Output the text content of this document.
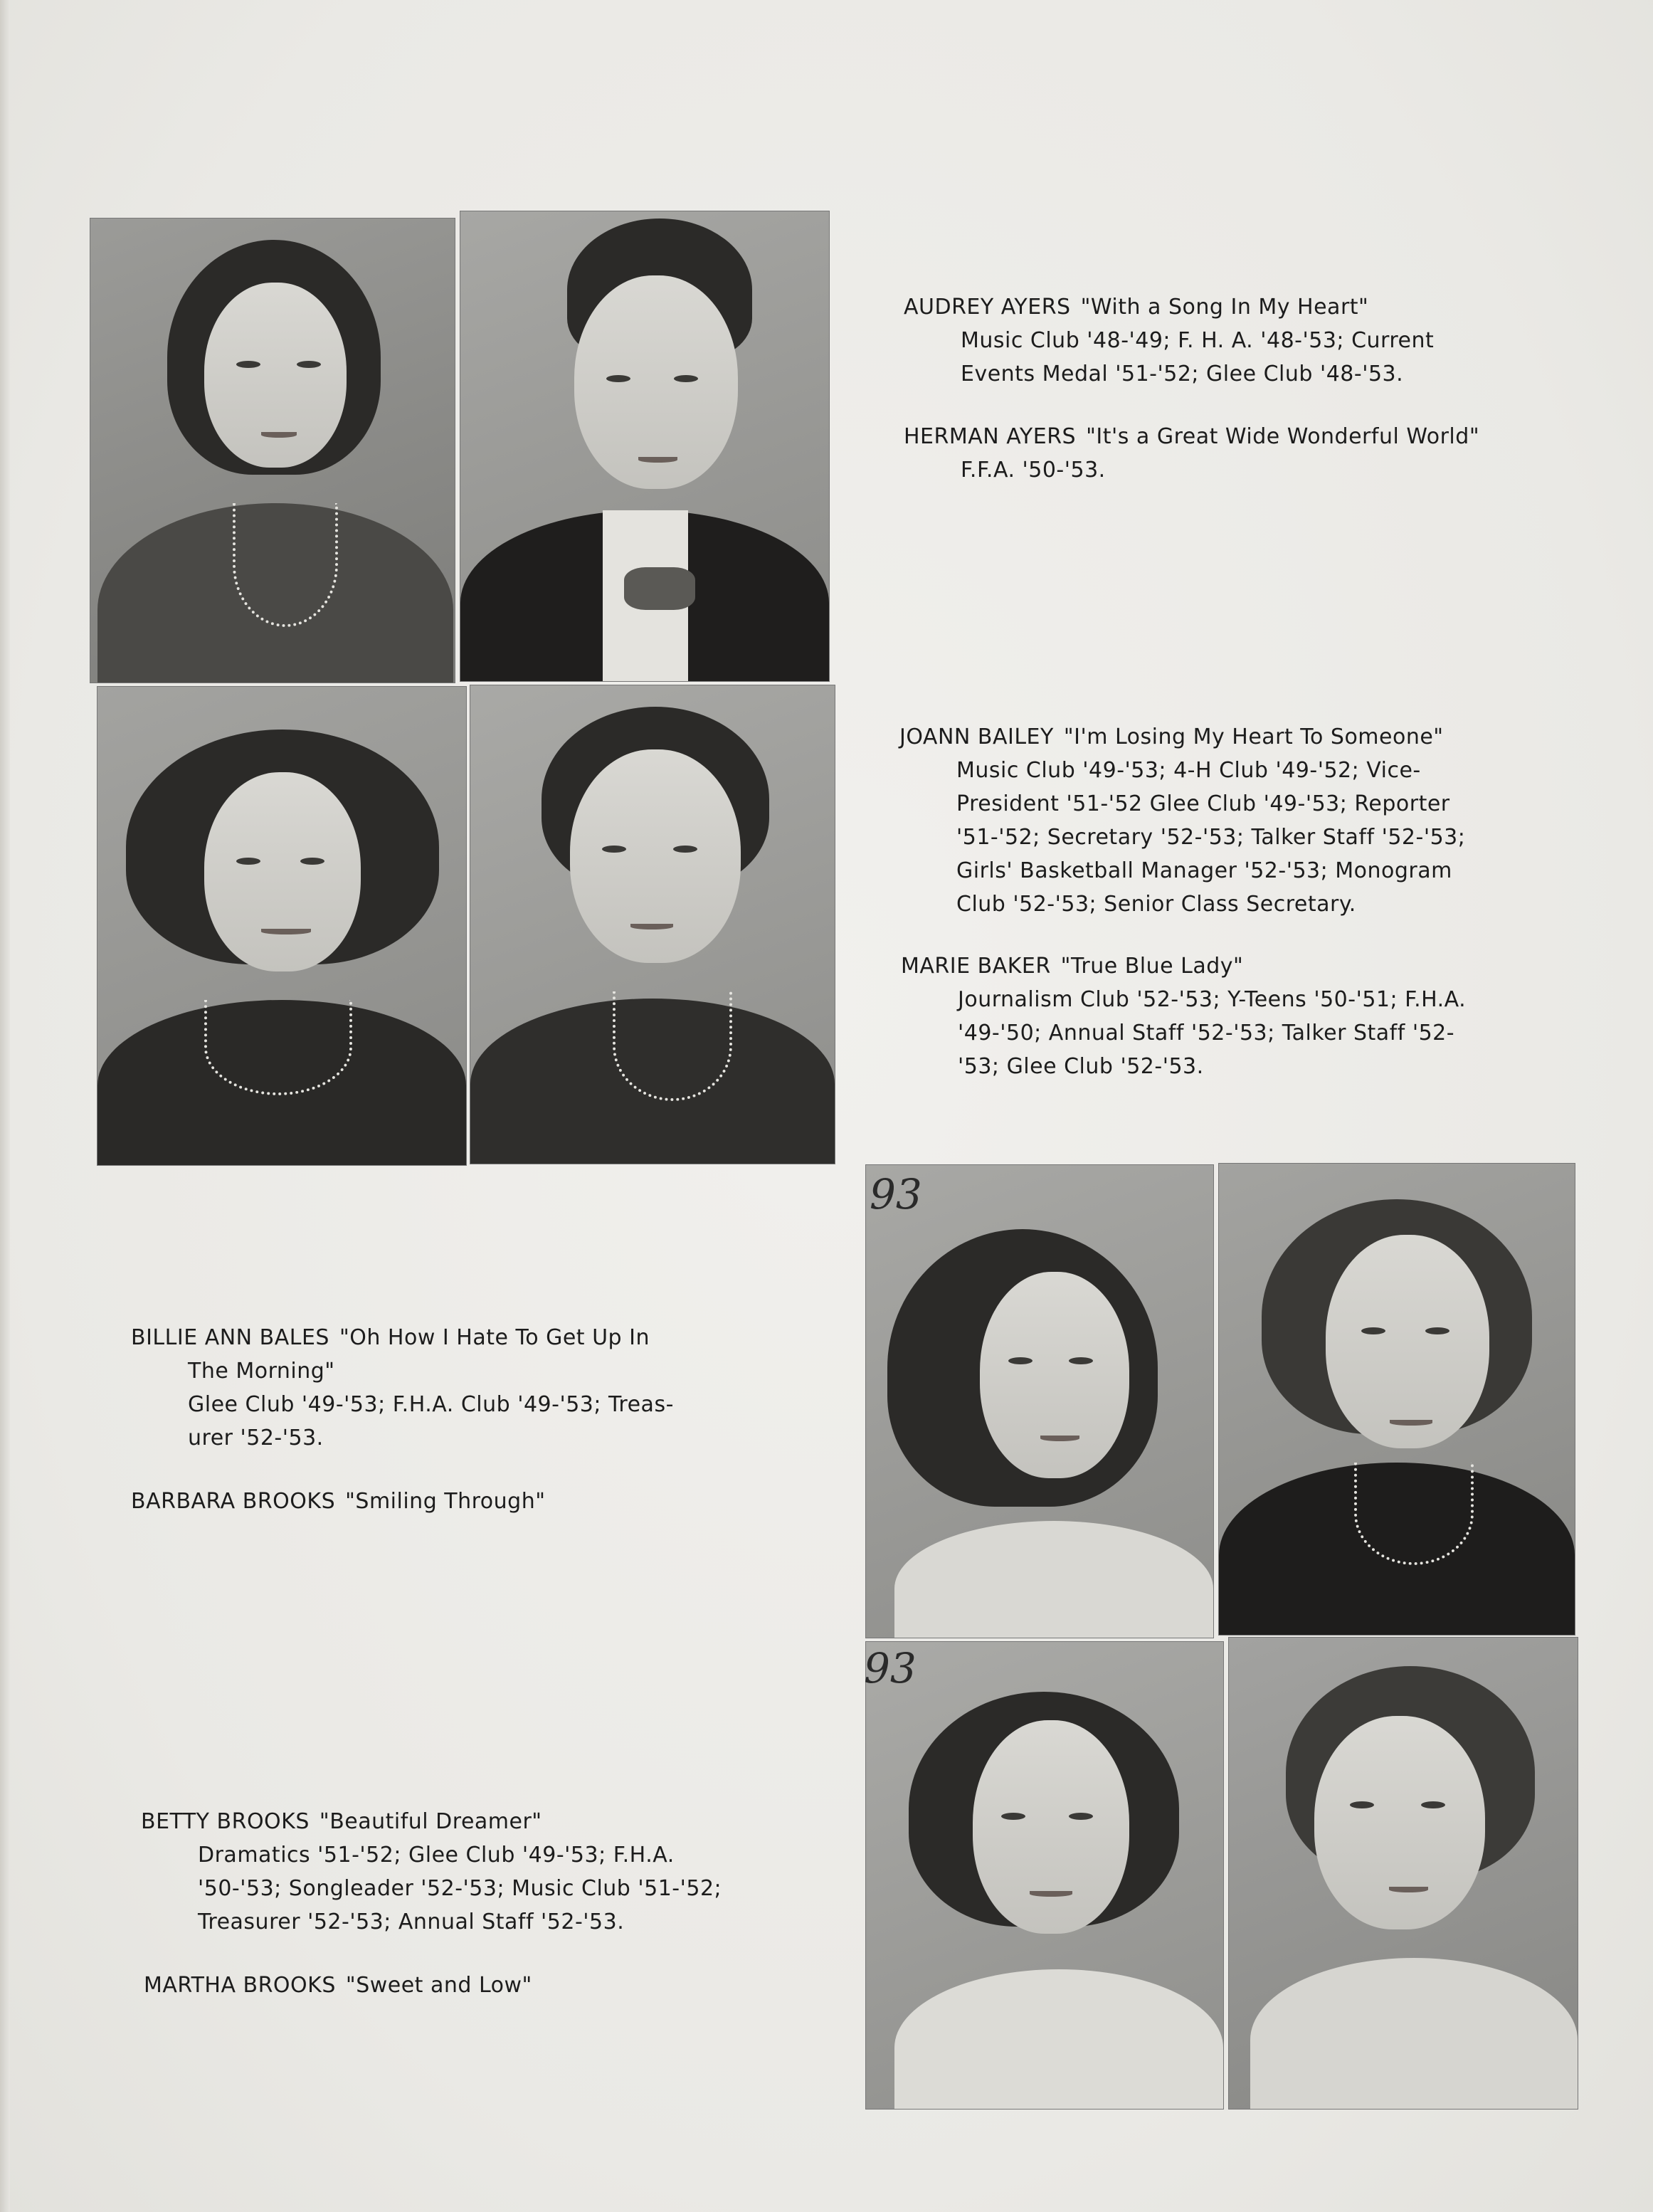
93
93
AUDREY AYERS "With a Song In My Heart"
Music Club '48-'49; F. H. A. '48-'53; Current
Events Medal '51-'52; Glee Club '48-'53.
HERMAN AYERS "It's a Great Wide Wonderful World"
F.F.A. '50-'53.
JOANN BAILEY "I'm Losing My Heart To Someone"
Music Club '49-'53; 4-H Club '49-'52; Vice-
President '51-'52 Glee Club '49-'53; Reporter
'51-'52; Secretary '52-'53; Talker Staff '52-'53;
Girls' Basketball Manager '52-'53; Monogram
Club '52-'53; Senior Class Secretary.
MARIE BAKER "True Blue Lady"
Journalism Club '52-'53; Y-Teens '50-'51; F.H.A.
'49-'50; Annual Staff '52-'53; Talker Staff '52-
'53; Glee Club '52-'53.
BILLIE ANN BALES "Oh How I Hate To Get Up In
The Morning"
Glee Club '49-'53; F.H.A. Club '49-'53; Treas-
urer '52-'53.
BARBARA BROOKS "Smiling Through"
BETTY BROOKS "Beautiful Dreamer"
Dramatics '51-'52; Glee Club '49-'53; F.H.A.
'50-'53; Songleader '52-'53; Music Club '51-'52;
Treasurer '52-'53; Annual Staff '52-'53.
MARTHA BROOKS "Sweet and Low"
